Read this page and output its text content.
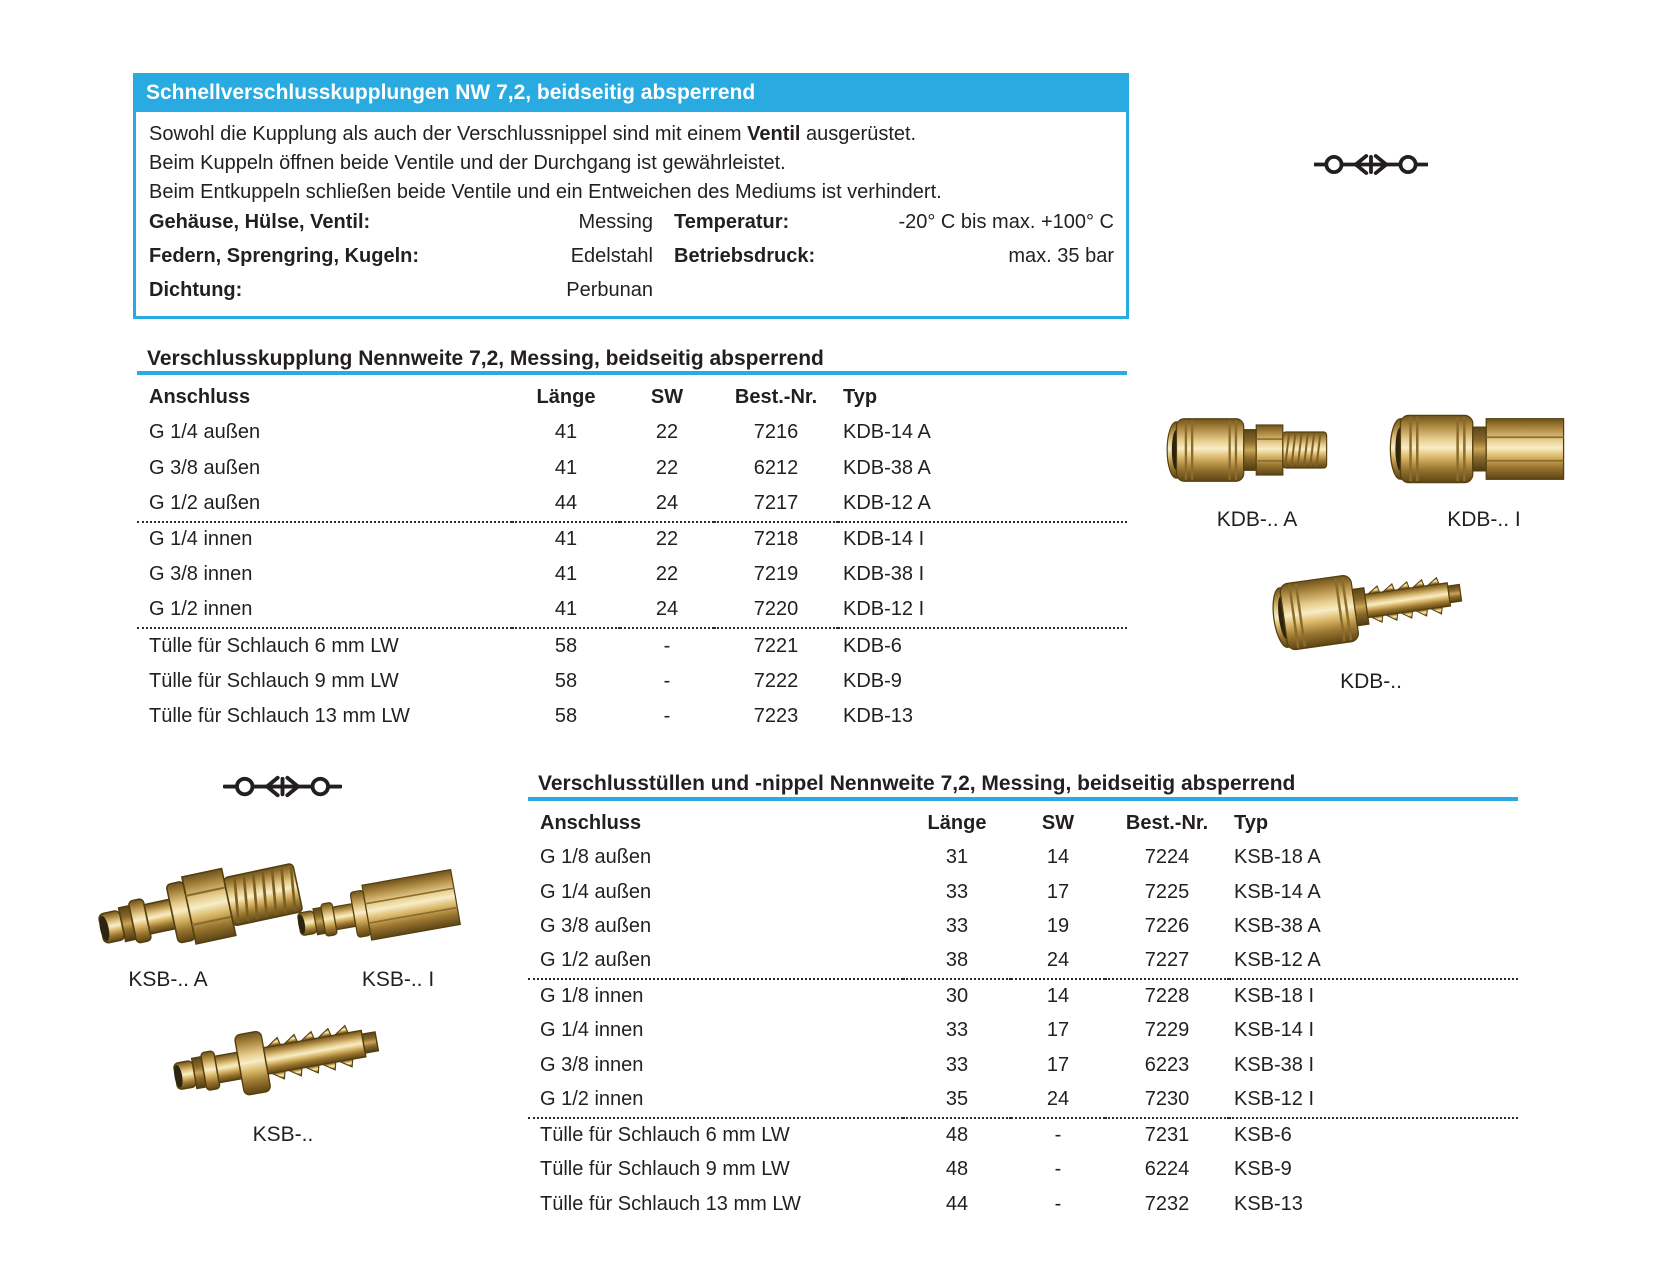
Schnellverschlusskupplungen NW 7,2, beidseitig absperrend
Sowohl die Kupplung als auch der Verschlussnippel sind mit einem Ventil ausgerüstet.
Beim Kuppeln öffnen beide Ventile und der Durchgang ist gewährleistet.
Beim Entkuppeln schließen beide Ventile und ein Entweichen des Mediums ist verhindert.
Gehäuse, Hülse, Ventil:	Messing Temperatur:	-20° C bis max. +100° C
Federn, Sprengring, Kugeln:	Edelstahl Betriebsdruck:	max. 35 bar
Dichtung:	Perbunan
Verschlusskupplung Nennweite 7,2, Messing, beidseitig absperrend
Anschluss	Länge	SW	Best.-Nr.	Typ
G 1/4 außen	41	22	7216	KDB-14 A
G 3/8 außen	41	22	6212	KDB-38 A
G 1/2 außen	44	24	7217	KDB-12 A
G 1/4 innen	41	22	7218	KDB-14 I
G 3/8 innen	41	22	7219	KDB-38 I
G 1/2 innen	41	24	7220	KDB-12 I
Tülle für Schlauch 6 mm LW	58	-	7221	KDB-6
Tülle für Schlauch 9 mm LW	58	-	7222	KDB-9
Tülle für Schlauch 13 mm LW	58	-	7223	KDB-13
KDB-.. A	KDB-.. I
KDB-..
KSB-.. A	KSB-.. I
KSB-..
Verschlusstüllen und -nippel Nennweite 7,2, Messing, beidseitig absperrend
Anschluss	Länge	SW	Best.-Nr.	Typ
G 1/8 außen	31	14	7224	KSB-18 A
G 1/4 außen	33	17	7225	KSB-14 A
G 3/8 außen	33	19	7226	KSB-38 A
G 1/2 außen	38	24	7227	KSB-12 A
G 1/8 innen	30	14	7228	KSB-18 I
G 1/4 innen	33	17	7229	KSB-14 I
G 3/8 innen	33	17	6223	KSB-38 I
G 1/2 innen	35	24	7230	KSB-12 I
Tülle für Schlauch 6 mm LW	48	-	7231	KSB-6
Tülle für Schlauch 9 mm LW	48	-	6224	KSB-9
Tülle für Schlauch 13 mm LW	44	-	7232	KSB-13
